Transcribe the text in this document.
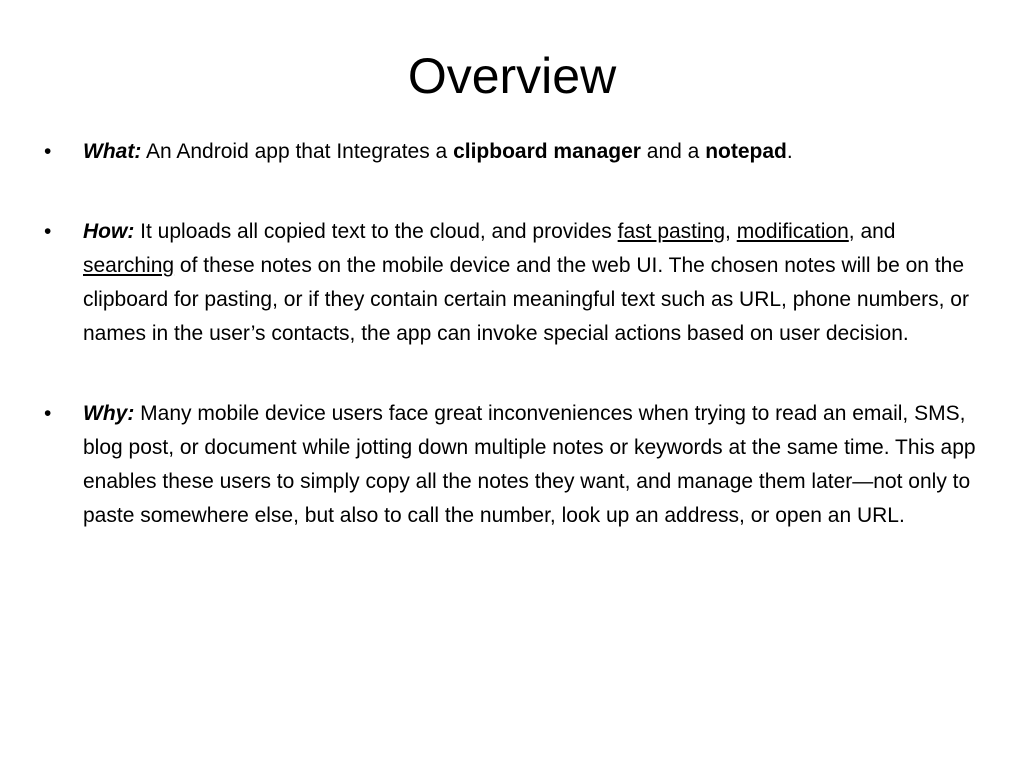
Overview
•	What: An Android app that Integrates a clipboard manager and a notepad.
•	How: It uploads all copied text to the cloud, and provides fast pasting, modification, and searching of these notes on the mobile device and the web UI. The chosen notes will be on the clipboard for pasting, or if they contain certain meaningful text such as URL, phone numbers, or names in the user’s contacts, the app can invoke special actions based on user decision.
•	Why: Many mobile device users face great inconveniences when trying to read an email, SMS, blog post, or document while jotting down multiple notes or keywords at the same time. This app enables these users to simply copy all the notes they want, and manage them later—not only to paste somewhere else, but also to call the number, look up an address, or open an URL.
